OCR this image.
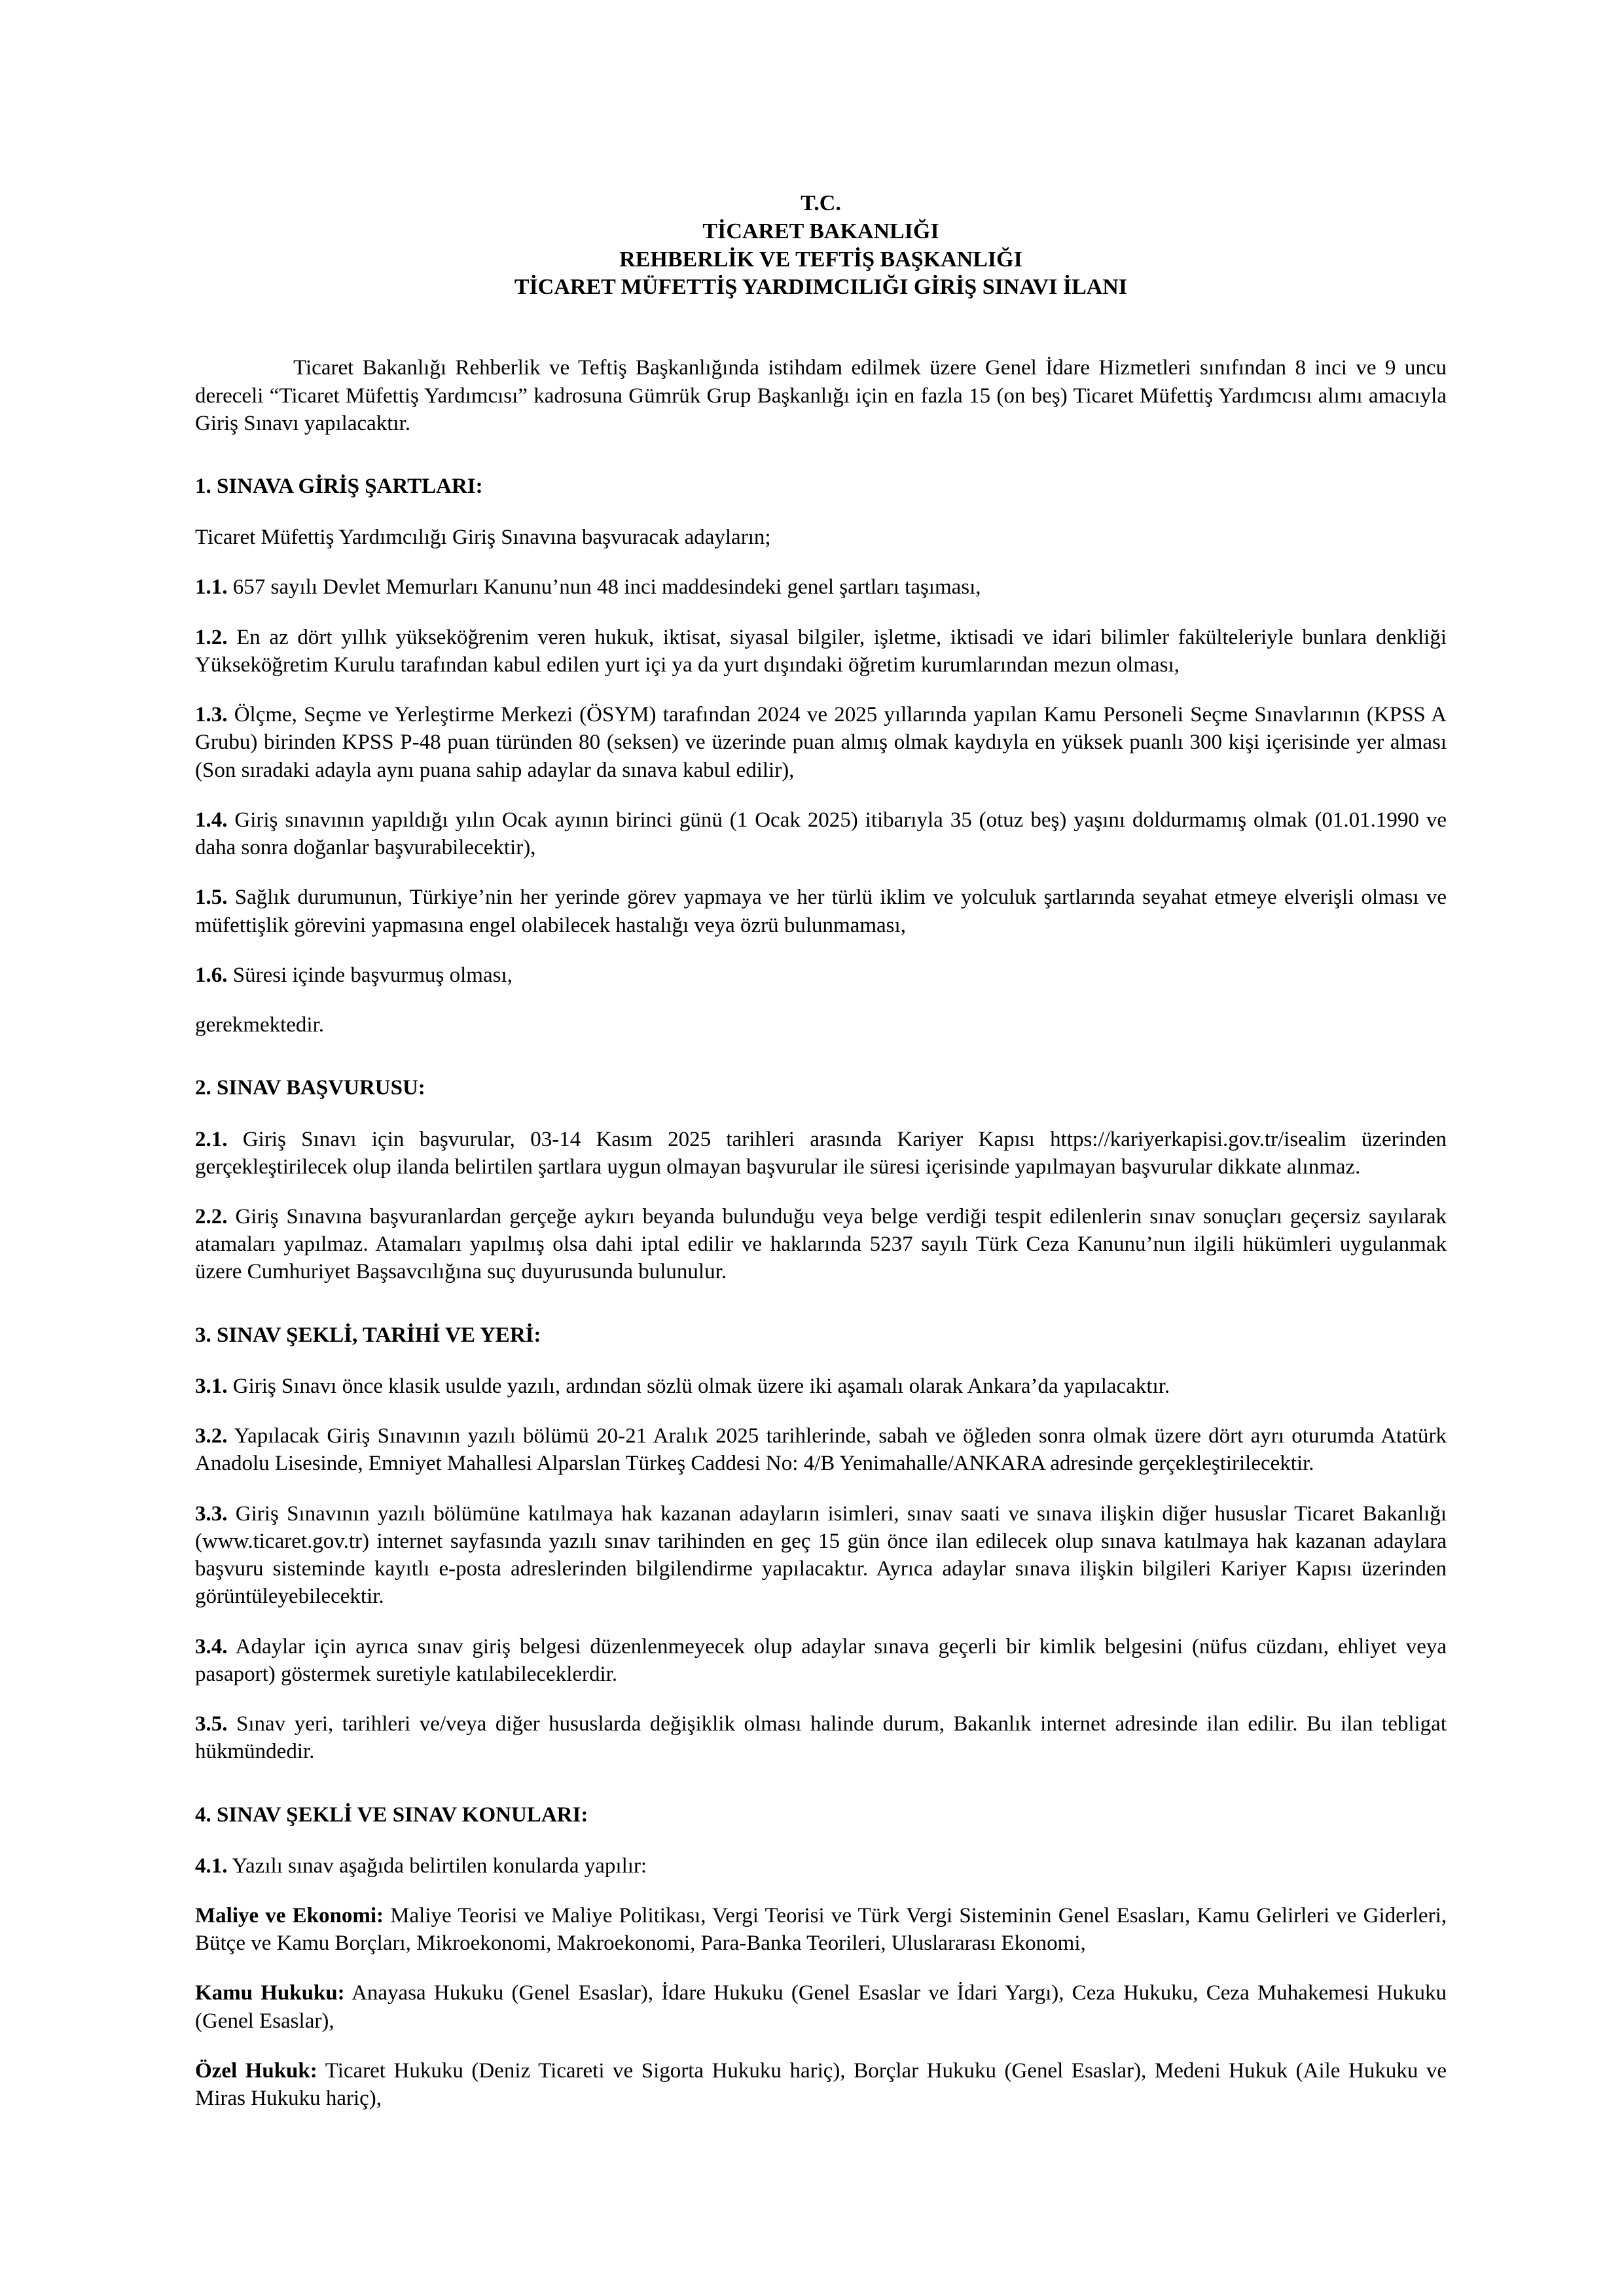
T.C.
TİCARET BAKANLIĞI
REHBERLİK VE TEFTİŞ BAŞKANLIĞI
TİCARET MÜFETTİŞ YARDIMCILIĞI GİRİŞ SINAVI İLANI

Ticaret Bakanlığı Rehberlik ve Teftiş Başkanlığında istihdam edilmek üzere Genel İdare Hizmetleri sınıfından 8 inci ve 9 uncu dereceli “Ticaret Müfettiş Yardımcısı” kadrosuna Gümrük Grup Başkanlığı için en fazla 15 (on beş) Ticaret Müfettiş Yardımcısı alımı amacıyla Giriş Sınavı yapılacaktır.

1. SINAVA GİRİŞ ŞARTLARI:

Ticaret Müfettiş Yardımcılığı Giriş Sınavına başvuracak adayların;

1.1. 657 sayılı Devlet Memurları Kanunu’nun 48 inci maddesindeki genel şartları taşıması,

1.2. En az dört yıllık yükseköğrenim veren hukuk, iktisat, siyasal bilgiler, işletme, iktisadi ve idari bilimler fakülteleriyle bunlara denkliği Yükseköğretim Kurulu tarafından kabul edilen yurt içi ya da yurt dışındaki öğretim kurumlarından mezun olması,

1.3. Ölçme, Seçme ve Yerleştirme Merkezi (ÖSYM) tarafından 2024 ve 2025 yıllarında yapılan Kamu Personeli Seçme Sınavlarının (KPSS A Grubu) birinden KPSS P-48 puan türünden 80 (seksen) ve üzerinde puan almış olmak kaydıyla en yüksek puanlı 300 kişi içerisinde yer alması (Son sıradaki adayla aynı puana sahip adaylar da sınava kabul edilir),

1.4. Giriş sınavının yapıldığı yılın Ocak ayının birinci günü (1 Ocak 2025) itibarıyla 35 (otuz beş) yaşını doldurmamış olmak (01.01.1990 ve daha sonra doğanlar başvurabilecektir),

1.5. Sağlık durumunun, Türkiye’nin her yerinde görev yapmaya ve her türlü iklim ve yolculuk şartlarında seyahat etmeye elverişli olması ve müfettişlik görevini yapmasına engel olabilecek hastalığı veya özrü bulunmaması,

1.6. Süresi içinde başvurmuş olması,

gerekmektedir.

2. SINAV BAŞVURUSU:

2.1. Giriş Sınavı için başvurular, 03-14 Kasım 2025 tarihleri arasında Kariyer Kapısı https://kariyerkapisi.gov.tr/isealim üzerinden gerçekleştirilecek olup ilanda belirtilen şartlara uygun olmayan başvurular ile süresi içerisinde yapılmayan başvurular dikkate alınmaz.

2.2. Giriş Sınavına başvuranlardan gerçeğe aykırı beyanda bulunduğu veya belge verdiği tespit edilenlerin sınav sonuçları geçersiz sayılarak atamaları yapılmaz. Atamaları yapılmış olsa dahi iptal edilir ve haklarında 5237 sayılı Türk Ceza Kanunu’nun ilgili hükümleri uygulanmak üzere Cumhuriyet Başsavcılığına suç duyurusunda bulunulur.

3. SINAV ŞEKLİ, TARİHİ VE YERİ:

3.1. Giriş Sınavı önce klasik usulde yazılı, ardından sözlü olmak üzere iki aşamalı olarak Ankara’da yapılacaktır.

3.2. Yapılacak Giriş Sınavının yazılı bölümü 20-21 Aralık 2025 tarihlerinde, sabah ve öğleden sonra olmak üzere dört ayrı oturumda Atatürk Anadolu Lisesinde, Emniyet Mahallesi Alparslan Türkeş Caddesi No: 4/B Yenimahalle/ANKARA adresinde gerçekleştirilecektir.

3.3. Giriş Sınavının yazılı bölümüne katılmaya hak kazanan adayların isimleri, sınav saati ve sınava ilişkin diğer hususlar Ticaret Bakanlığı (www.ticaret.gov.tr) internet sayfasında yazılı sınav tarihinden en geç 15 gün önce ilan edilecek olup sınava katılmaya hak kazanan adaylara başvuru sisteminde kayıtlı e-posta adreslerinden bilgilendirme yapılacaktır. Ayrıca adaylar sınava ilişkin bilgileri Kariyer Kapısı üzerinden görüntüleyebilecektir.

3.4. Adaylar için ayrıca sınav giriş belgesi düzenlenmeyecek olup adaylar sınava geçerli bir kimlik belgesini (nüfus cüzdanı, ehliyet veya pasaport) göstermek suretiyle katılabileceklerdir.

3.5. Sınav yeri, tarihleri ve/veya diğer hususlarda değişiklik olması halinde durum, Bakanlık internet adresinde ilan edilir. Bu ilan tebligat hükmündedir.

4. SINAV ŞEKLİ VE SINAV KONULARI:

4.1. Yazılı sınav aşağıda belirtilen konularda yapılır:

Maliye ve Ekonomi: Maliye Teorisi ve Maliye Politikası, Vergi Teorisi ve Türk Vergi Sisteminin Genel Esasları, Kamu Gelirleri ve Giderleri, Bütçe ve Kamu Borçları, Mikroekonomi, Makroekonomi, Para-Banka Teorileri, Uluslararası Ekonomi,

Kamu Hukuku: Anayasa Hukuku (Genel Esaslar), İdare Hukuku (Genel Esaslar ve İdari Yargı), Ceza Hukuku, Ceza Muhakemesi Hukuku (Genel Esaslar),

Özel Hukuk: Ticaret Hukuku (Deniz Ticareti ve Sigorta Hukuku hariç), Borçlar Hukuku (Genel Esaslar), Medeni Hukuk (Aile Hukuku ve Miras Hukuku hariç),
